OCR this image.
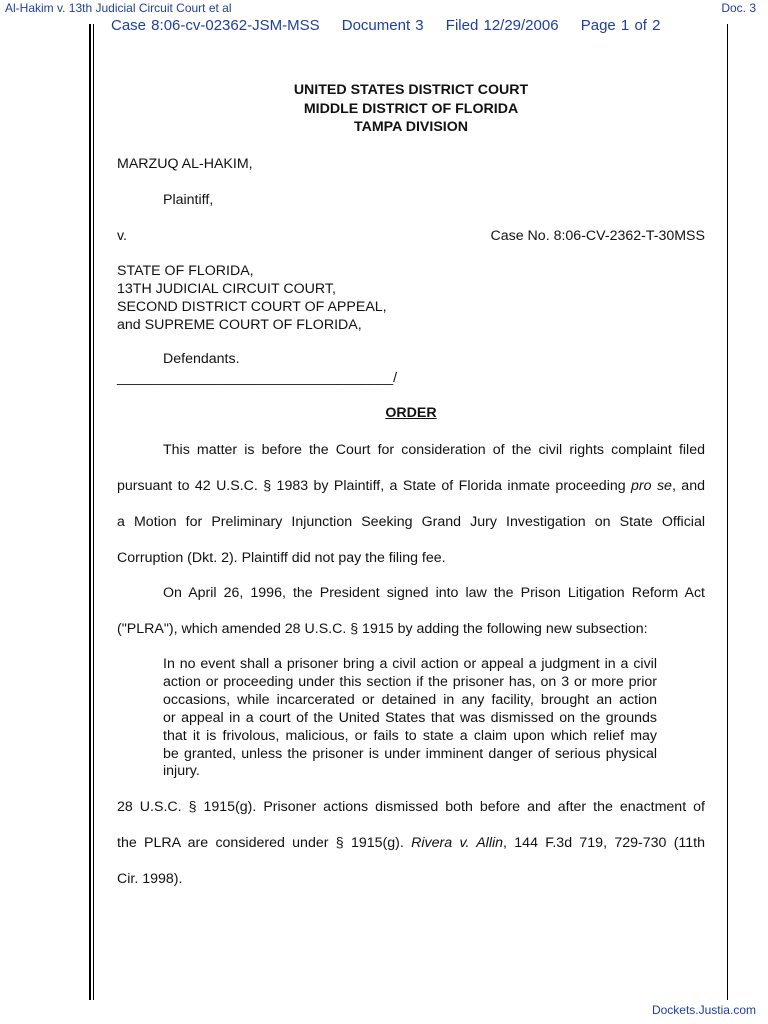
Al-Hakim v. 13th Judicial Circuit Court et al	Doc. 3
Case 8:06-cv-02362-JSM-MSS Document 3 Filed 12/29/2006 Page 1 of 2
UNITED STATES DISTRICT COURT
MIDDLE DISTRICT OF FLORIDA
TAMPA DIVISION
MARZUQ AL-HAKIM,
Plaintiff,
v.	Case No. 8:06-CV-2362-T-30MSS
STATE OF FLORIDA,
13TH JUDICIAL CIRCUIT COURT,
SECOND DISTRICT COURT OF APPEAL,
and SUPREME COURT OF FLORIDA,
Defendants.
___________________________________/
ORDER
This matter is before the Court for consideration of the civil rights complaint filed
pursuant to 42 U.S.C. § 1983 by Plaintiff, a State of Florida inmate proceeding pro se, and
a Motion for Preliminary Injunction Seeking Grand Jury Investigation on State Official
Corruption (Dkt. 2). Plaintiff did not pay the filing fee.
On April 26, 1996, the President signed into law the Prison Litigation Reform Act
("PLRA"), which amended 28 U.S.C. § 1915 by adding the following new subsection:
In no event shall a prisoner bring a civil action or appeal a judgment in a civil
action or proceeding under this section if the prisoner has, on 3 or more prior
occasions, while incarcerated or detained in any facility, brought an action
or appeal in a court of the United States that was dismissed on the grounds
that it is frivolous, malicious, or fails to state a claim upon which relief may
be granted, unless the prisoner is under imminent danger of serious physical
injury.
28 U.S.C. § 1915(g). Prisoner actions dismissed both before and after the enactment of
the PLRA are considered under § 1915(g). Rivera v. Allin, 144 F.3d 719, 729-730 (11th
Cir. 1998).
Dockets.Justia.com
